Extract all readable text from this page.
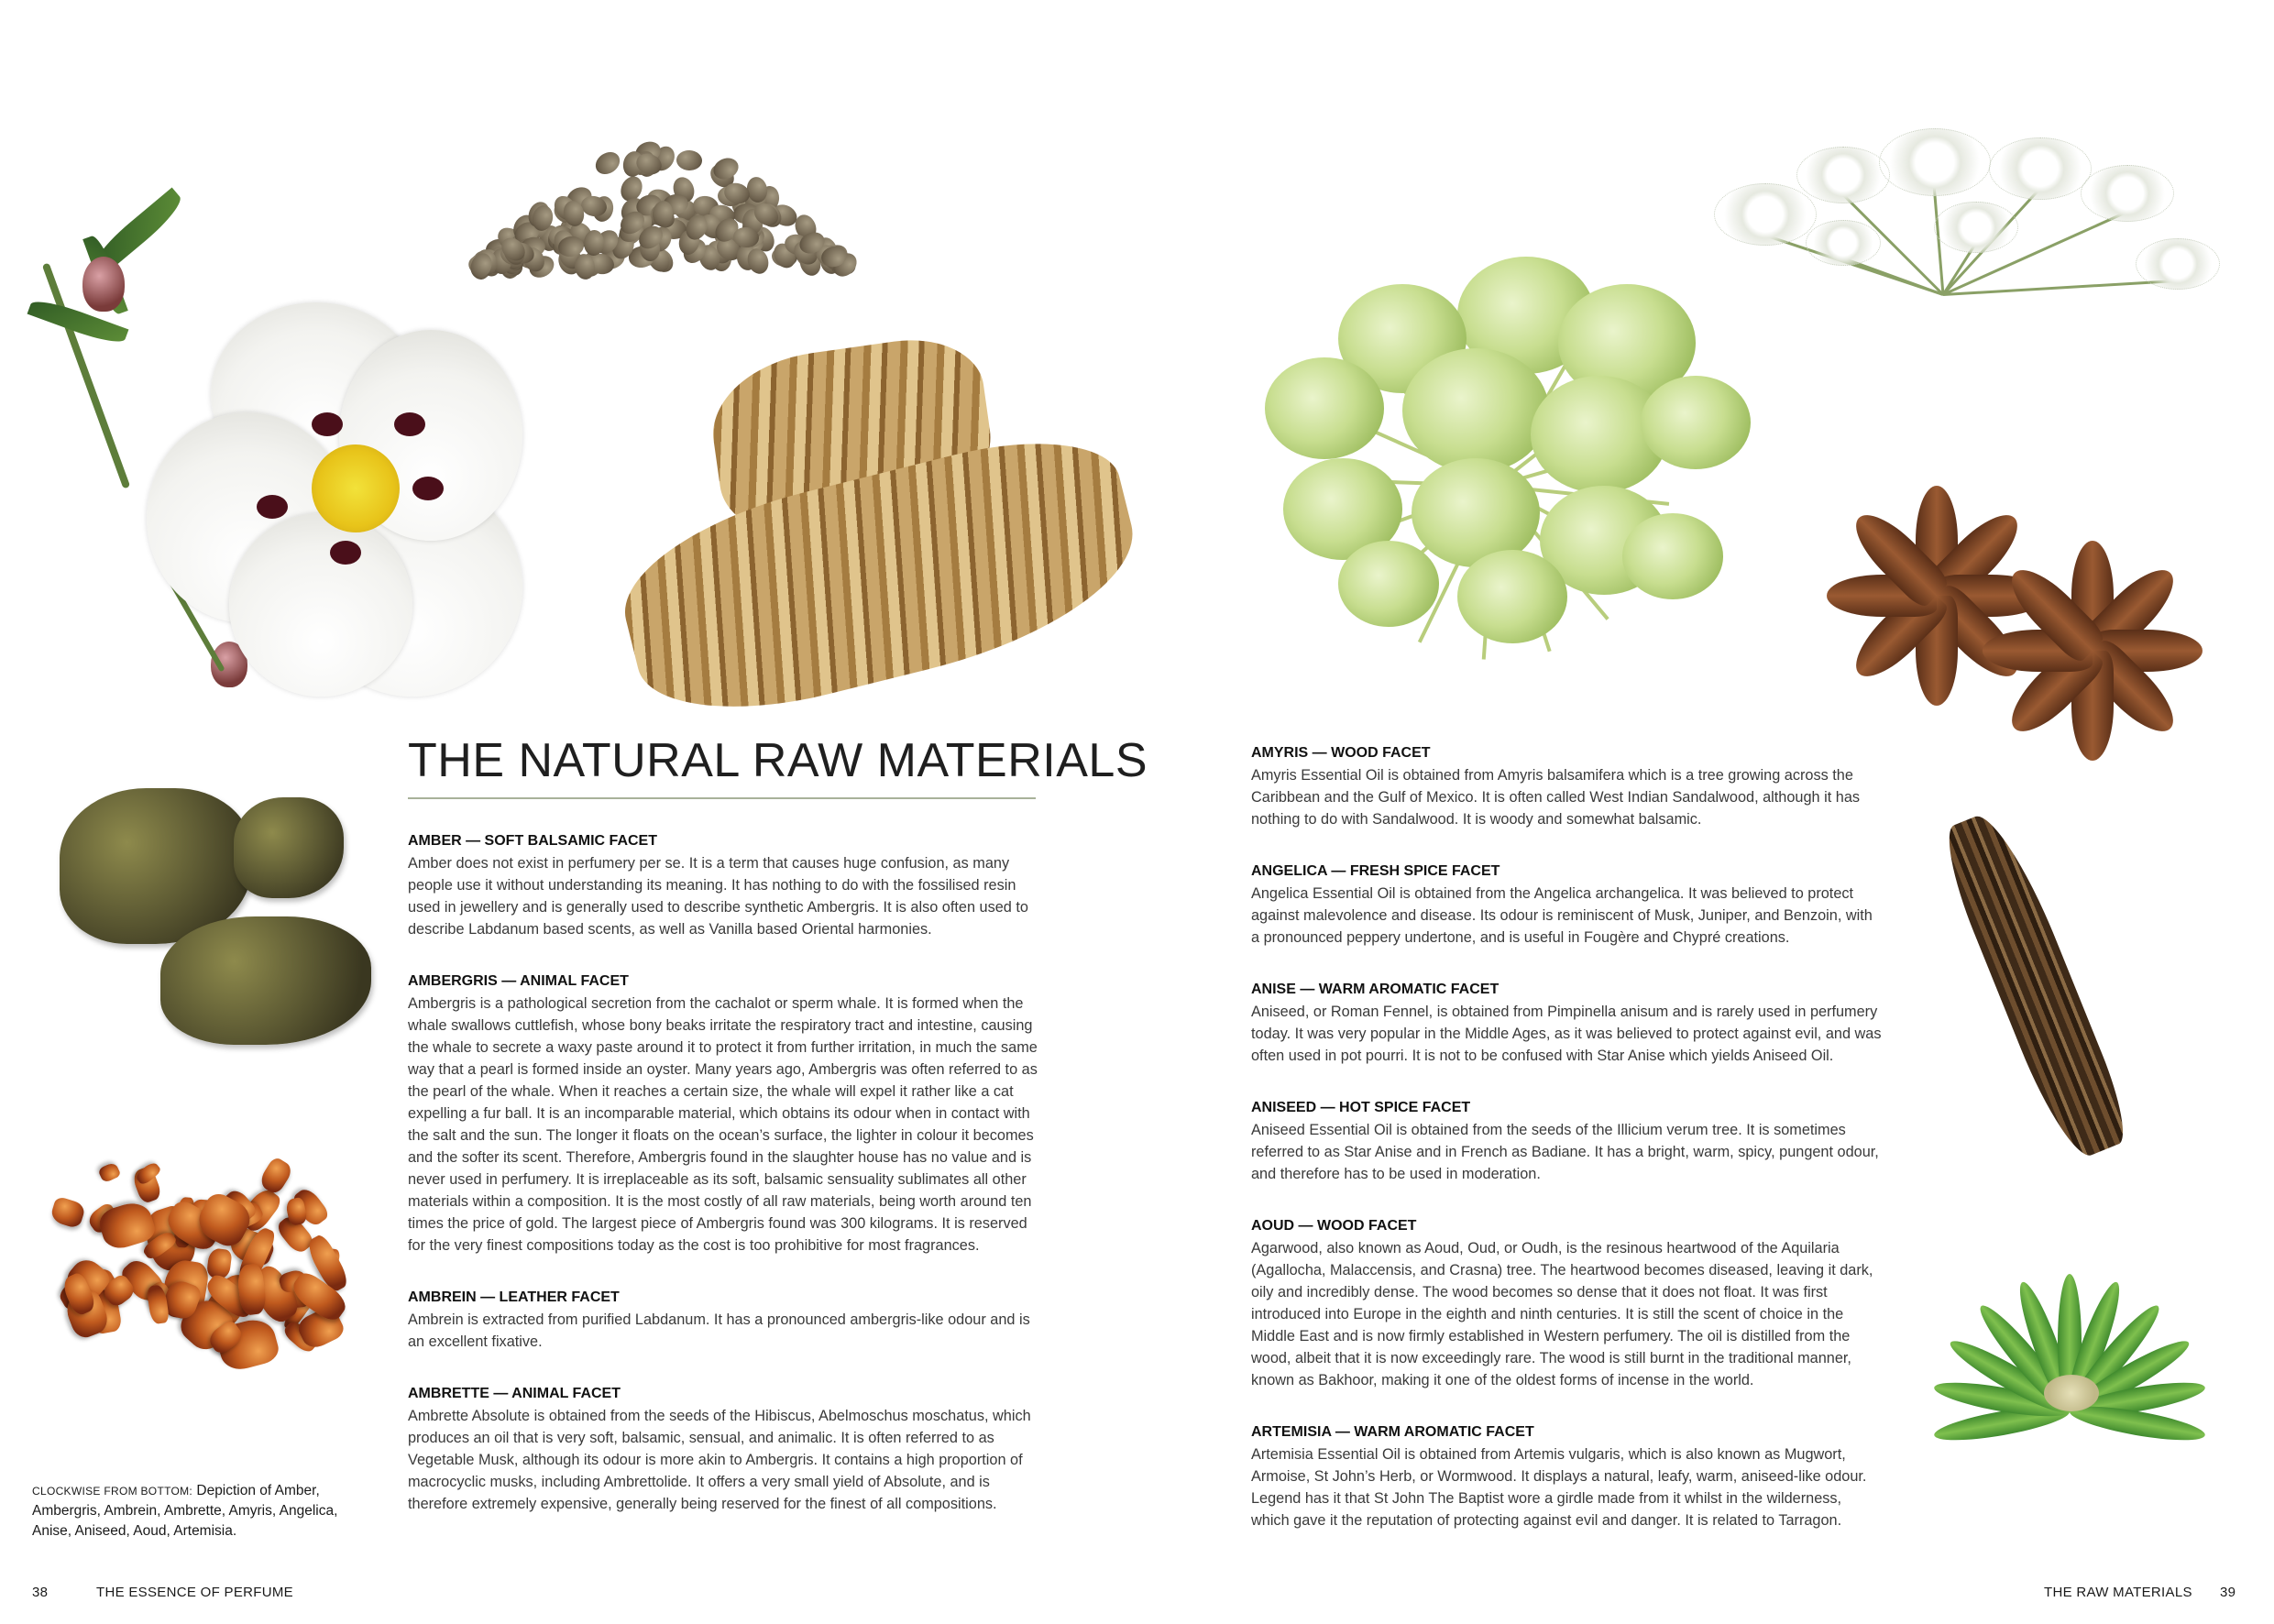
THE NATURAL RAW MATERIALS
AMBER — SOFT BALSAMIC FACET

Amber does not exist in perfumery per se. It is a term that causes huge confusion, as many people use it without understanding its meaning. It has nothing to do with the fossilised resin used in jewellery and is generally used to describe synthetic Ambergris. It is also often used to describe Labdanum based scents, as well as Vanilla based Oriental harmonies.

AMBERGRIS — ANIMAL FACET

Ambergris is a pathological secretion from the cachalot or sperm whale. It is formed when the whale swallows cuttlefish, whose bony beaks irritate the respiratory tract and intestine, causing the whale to secrete a waxy paste around it to protect it from further irritation, in much the same way that a pearl is formed inside an oyster. Many years ago, Ambergris was often referred to as the pearl of the whale. When it reaches a certain size, the whale will expel it rather like a cat expelling a fur ball. It is an incomparable material, which obtains its odour when in contact with the salt and the sun. The longer it floats on the ocean’s surface, the lighter in colour it becomes and the softer its scent. Therefore, Ambergris found in the slaughter house has no value and is never used in perfumery. It is irreplaceable as its soft, balsamic sensuality sublimates all other materials within a composition. It is the most costly of all raw materials, being worth around ten times the price of gold. The largest piece of Ambergris found was 300 kilograms. It is reserved for the very finest compositions today as the cost is too prohibitive for most fragrances.

AMBREIN — LEATHER FACET

Ambrein is extracted from purified Labdanum. It has a pronounced ambergris-like odour and is an excellent fixative.

AMBRETTE — ANIMAL FACET

Ambrette Absolute is obtained from the seeds of the Hibiscus, Abelmoschus moschatus, which produces an oil that is very soft, balsamic, sensual, and animalic. It is often referred to as Vegetable Musk, although its odour is more akin to Ambergris. It contains a high proportion of macrocyclic musks, including Ambrettolide. It offers a very small yield of Absolute, and is therefore extremely expensive, generally being reserved for the finest of all compositions.

AMYRIS — WOOD FACET

Amyris Essential Oil is obtained from Amyris balsamifera which is a tree growing across the Caribbean and the Gulf of Mexico. It is often called West Indian Sandalwood, although it has nothing to do with Sandalwood. It is woody and somewhat balsamic.

ANGELICA — FRESH SPICE FACET

Angelica Essential Oil is obtained from the Angelica archangelica. It was believed to protect against malevolence and disease. Its odour is reminiscent of Musk, Juniper, and Benzoin, with a pronounced peppery undertone, and is useful in Fougère and Chypré creations.

ANISE — WARM AROMATIC FACET

Aniseed, or Roman Fennel, is obtained from Pimpinella anisum and is rarely used in perfumery today. It was very popular in the Middle Ages, as it was believed to protect against evil, and was often used in pot pourri. It is not to be confused with Star Anise which yields Aniseed Oil.

ANISEED — HOT SPICE FACET

Aniseed Essential Oil is obtained from the seeds of the Illicium verum tree. It is sometimes referred to as Star Anise and in French as Badiane. It has a bright, warm, spicy, pungent odour, and therefore has to be used in moderation.

AOUD — WOOD FACET

Agarwood, also known as Aoud, Oud, or Oudh, is the resinous heartwood of the Aquilaria (Agallocha, Malaccensis, and Crasna) tree. The heartwood becomes diseased, leaving it dark, oily and incredibly dense. The wood becomes so dense that it does not float. It was first introduced into Europe in the eighth and ninth centuries. It is still the scent of choice in the Middle East and is now firmly established in Western perfumery. The oil is distilled from the wood, albeit that it is now exceedingly rare. The wood is still burnt in the traditional manner, known as Bakhoor, making it one of the oldest forms of incense in the world.

ARTEMISIA — WARM AROMATIC FACET

Artemisia Essential Oil is obtained from Artemis vulgaris, which is also known as Mugwort, Armoise, St John’s Herb, or Wormwood. It displays a natural, leafy, warm, aniseed-like odour. Legend has it that St John The Baptist wore a girdle made from it whilst in the wilderness, which gave it the reputation of protecting against evil and danger. It is related to Tarragon.

CLOCKWISE FROM BOTTOM: Depiction of Amber, Ambergris, Ambrein, Ambrette, Amyris, Angelica, Anise, Aniseed, Aoud, Artemisia.
38	THE ESSENCE OF PERFUME	THE RAW MATERIALS 39
